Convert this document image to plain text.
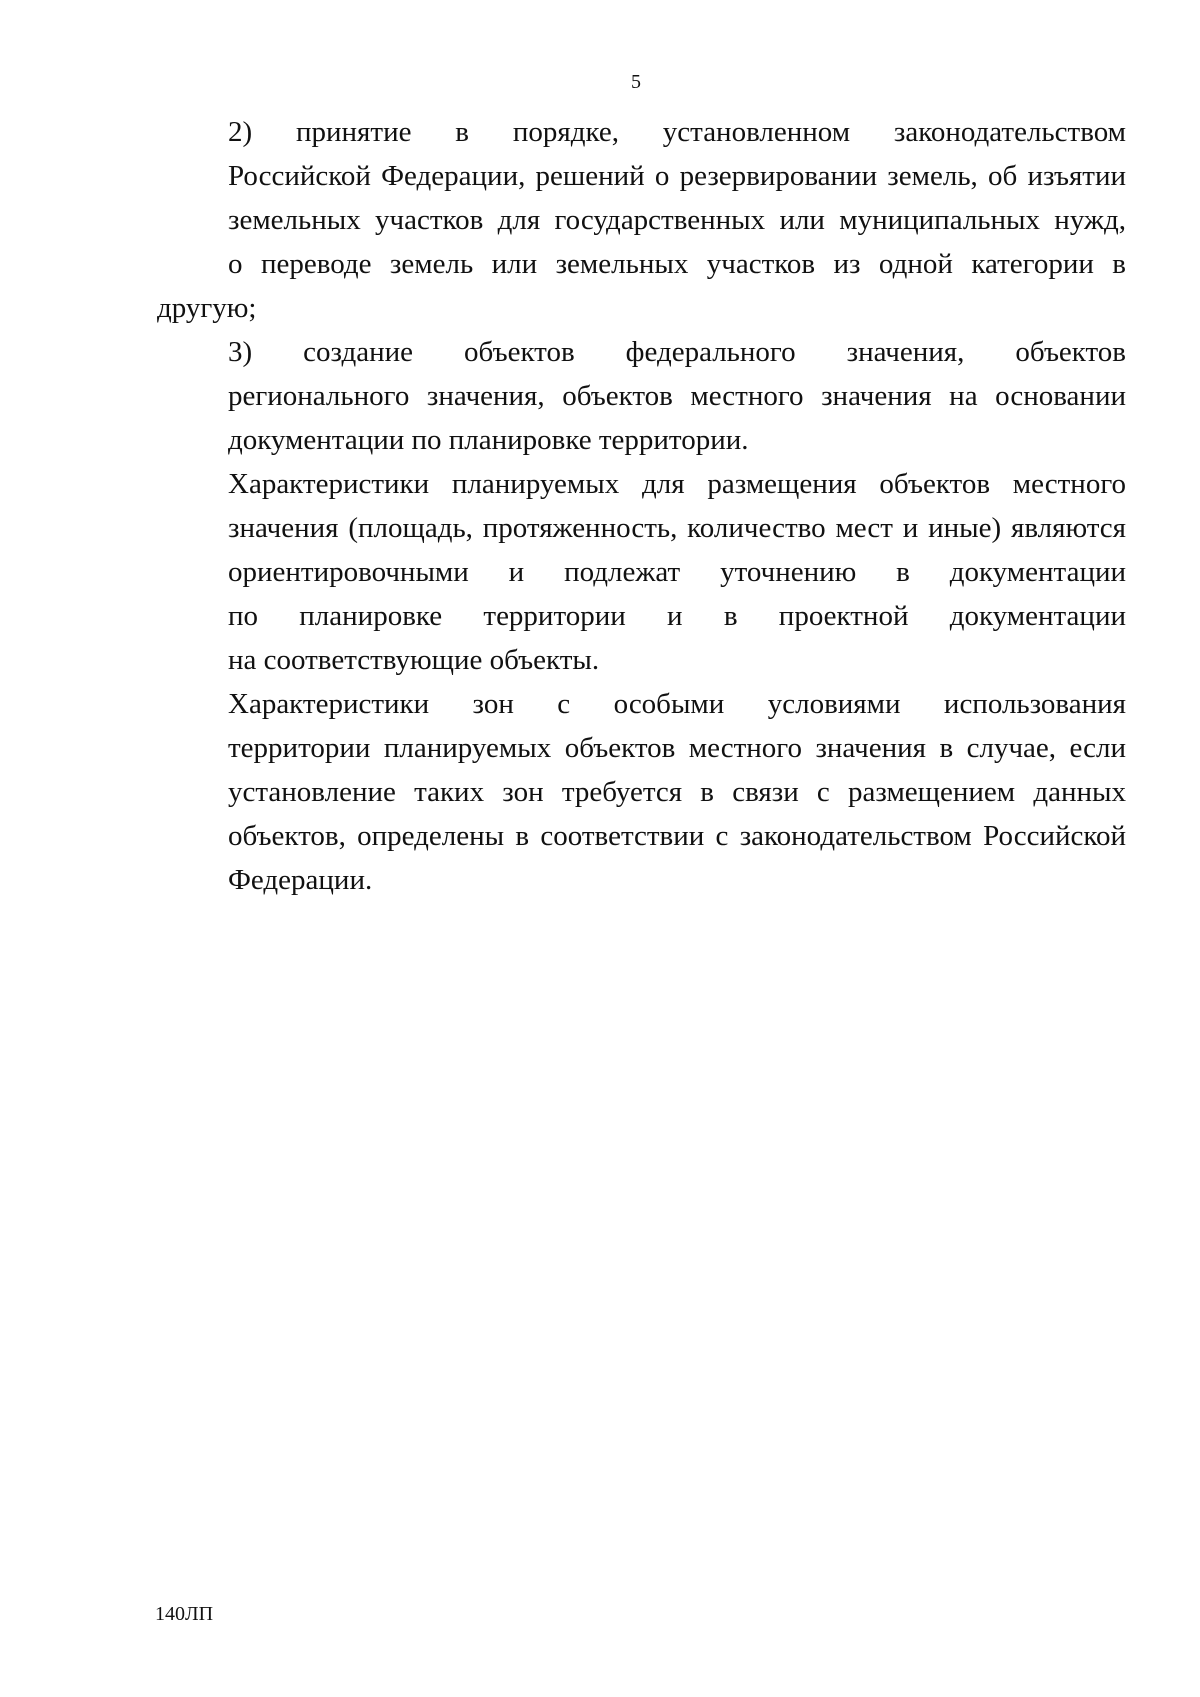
5

2) принятие в порядке, установленном законодательством
Российской Федерации, решений о резервировании земель, об изъятии
земельных участков для государственных или муниципальных нужд,
о переводе земель или земельных участков из одной категории в другую;

3) создание объектов федерального значения, объектов
регионального значения, объектов местного значения на основании
документации по планировке территории.

Характеристики планируемых для размещения объектов местного
значения (площадь, протяженность, количество мест и иные) являются
ориентировочными и подлежат уточнению в документации
по планировке территории и в проектной документации
на соответствующие объекты.

Характеристики зон с особыми условиями использования
территории планируемых объектов местного значения в случае, если
установление таких зон требуется в связи с размещением данных
объектов, определены в соответствии с законодательством Российской
Федерации.

140ЛП
